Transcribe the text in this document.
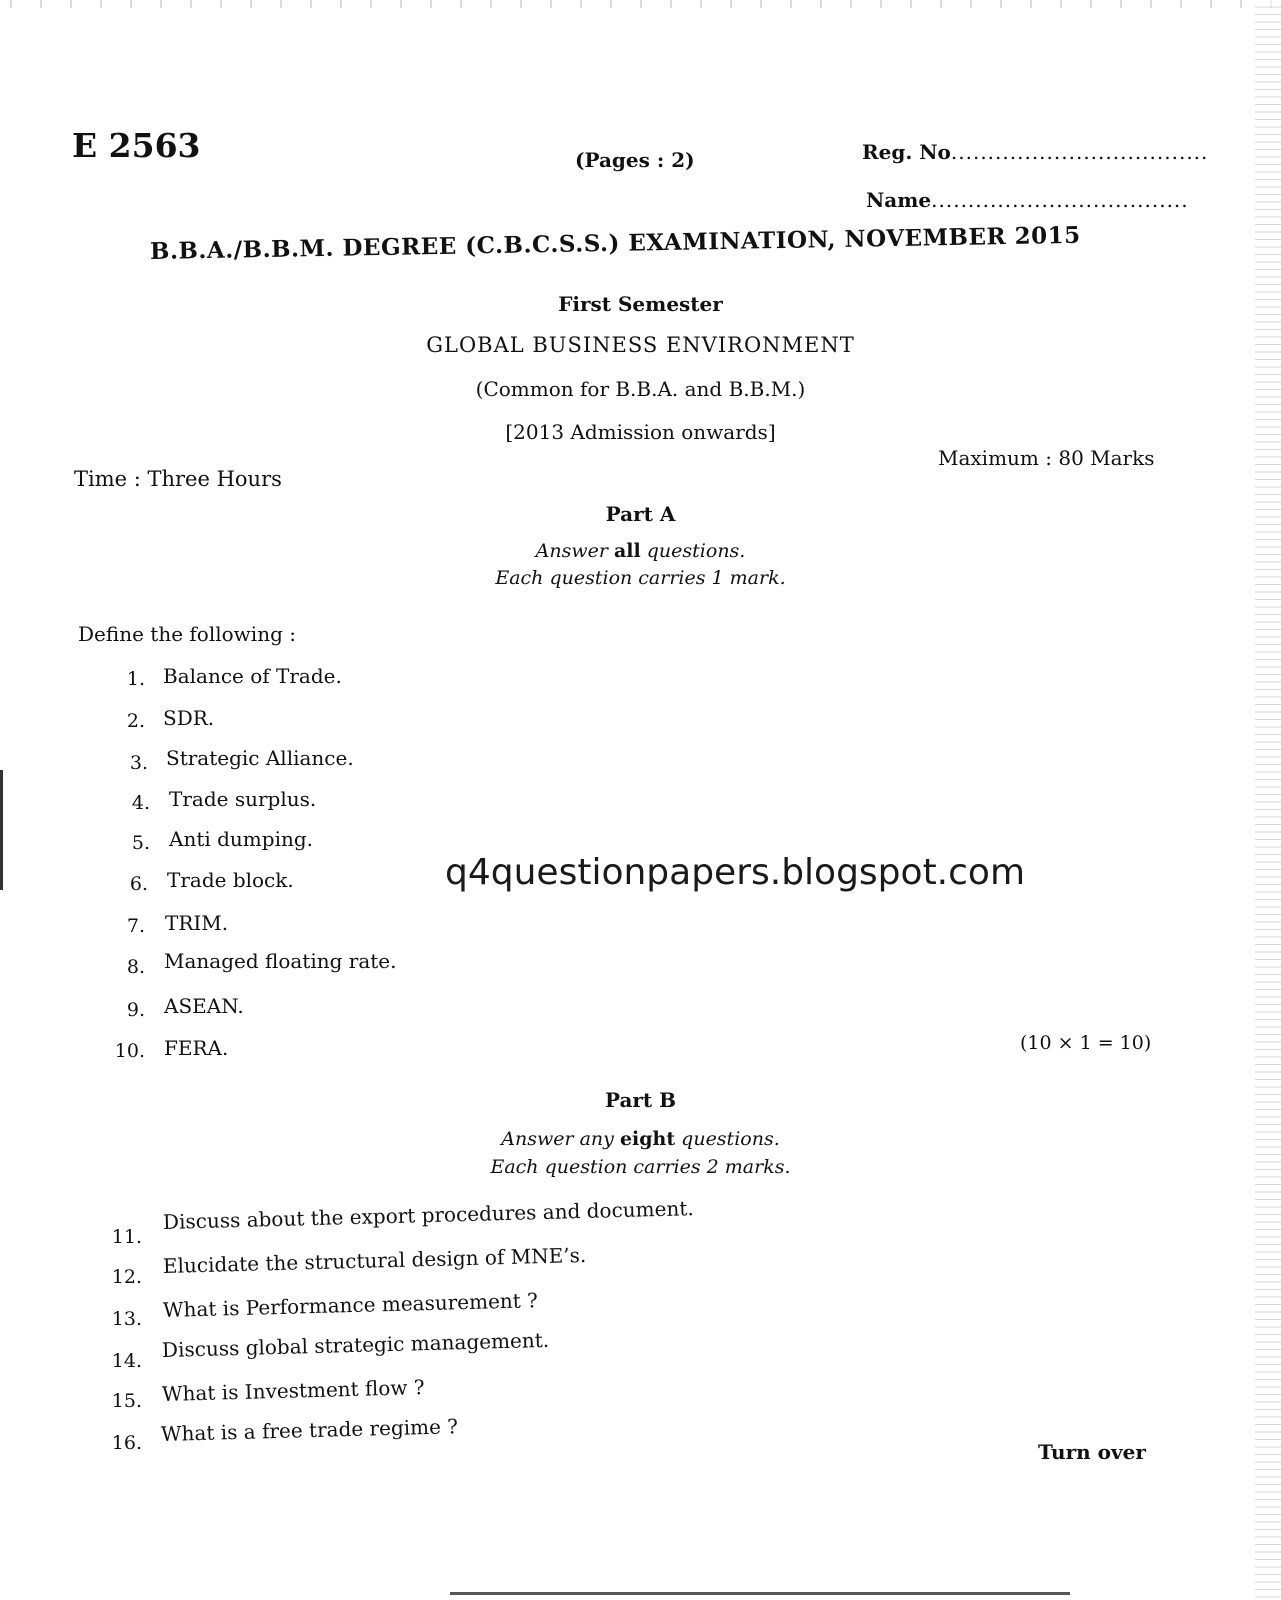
E 2563	(Pages : 2)	Reg. No...................................
Name...................................
B.B.A./B.B.M. DEGREE (C.B.C.S.S.) EXAMINATION, NOVEMBER 2015
First Semester
GLOBAL BUSINESS ENVIRONMENT
(Common for B.B.A. and B.B.M.)
[2013 Admission onwards]
Maximum : 80 Marks
Time : Three Hours
Part A
Answer all questions.
Each question carries 1 mark.
Define the following :
1. Balance of Trade.
2. SDR.
3. Strategic Alliance.
4. Trade surplus.
5. Anti dumping.
6. Trade block.
7. TRIM.
8. Managed floating rate.
9. ASEAN.
10. FERA.
q4questionpapers.blogspot.com
(10 × 1 = 10)
Part B
Answer any eight questions.
Each question carries 2 marks.
11.
Discuss about the export procedures and document.
12. Elucidate the structural design of MNE’s.
13. What is Performance measurement ?
14. Discuss global strategic management.
15. What is Investment flow ?
16. What is a free trade regime ?
Turn over
